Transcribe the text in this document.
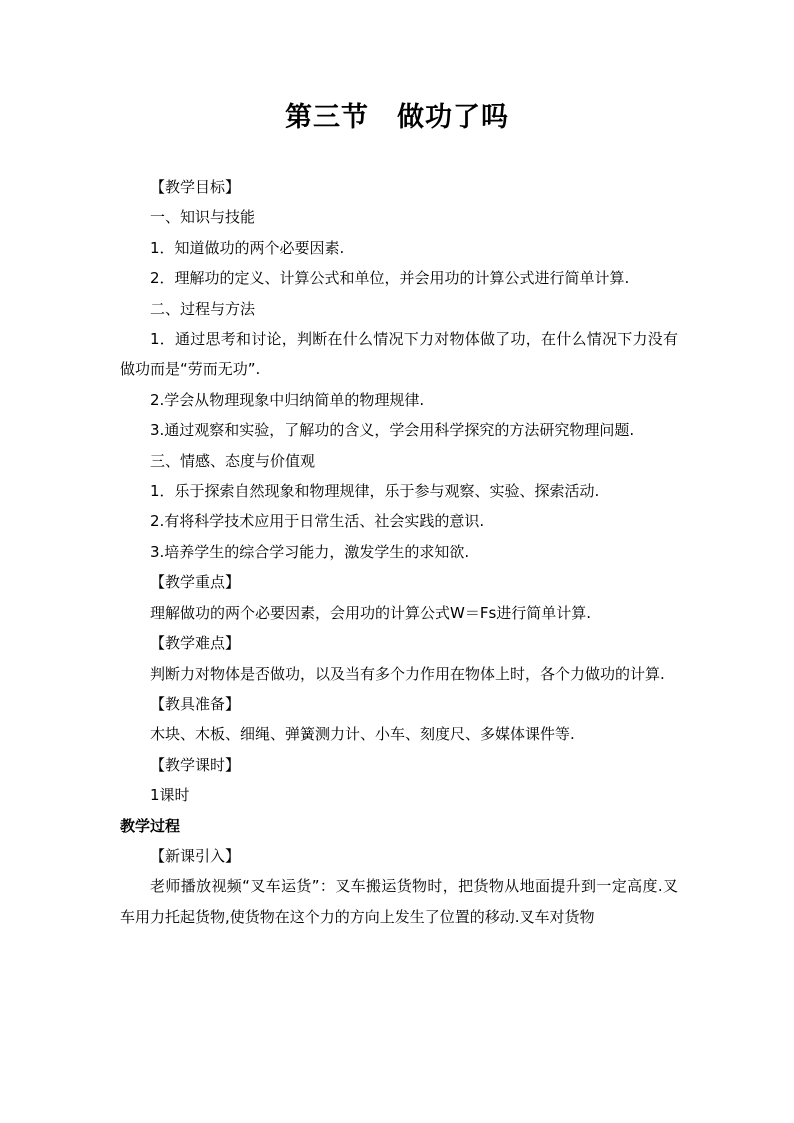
第三节　做功了吗

【教学目标】

一、知识与技能

1．知道做功的两个必要因素.

2．理解功的定义、计算公式和单位，并会用功的计算公式进行简单计算.

二、过程与方法

1．通过思考和讨论，判断在什么情况下力对物体做了功，在什么情况下力没有做功而是“劳而无功”.

2.学会从物理现象中归纳简单的物理规律.

3.通过观察和实验，了解功的含义，学会用科学探究的方法研究物理问题.

三、情感、态度与价值观

1．乐于探索自然现象和物理规律，乐于参与观察、实验、探索活动.

2.有将科学技术应用于日常生活、社会实践的意识.

3.培养学生的综合学习能力，激发学生的求知欲.

【教学重点】

理解做功的两个必要因素，会用功的计算公式W＝Fs进行简单计算.

【教学难点】

判断力对物体是否做功，以及当有多个力作用在物体上时，各个力做功的计算.

【教具准备】

木块、木板、细绳、弹簧测力计、小车、刻度尺、多媒体课件等.

【教学课时】

1课时

教学过程

【新课引入】

老师播放视频“叉车运货”：叉车搬运货物时，把货物从地面提升到一定高度.叉车用力托起货物,使货物在这个力的方向上发生了位置的移动.叉车对货物
